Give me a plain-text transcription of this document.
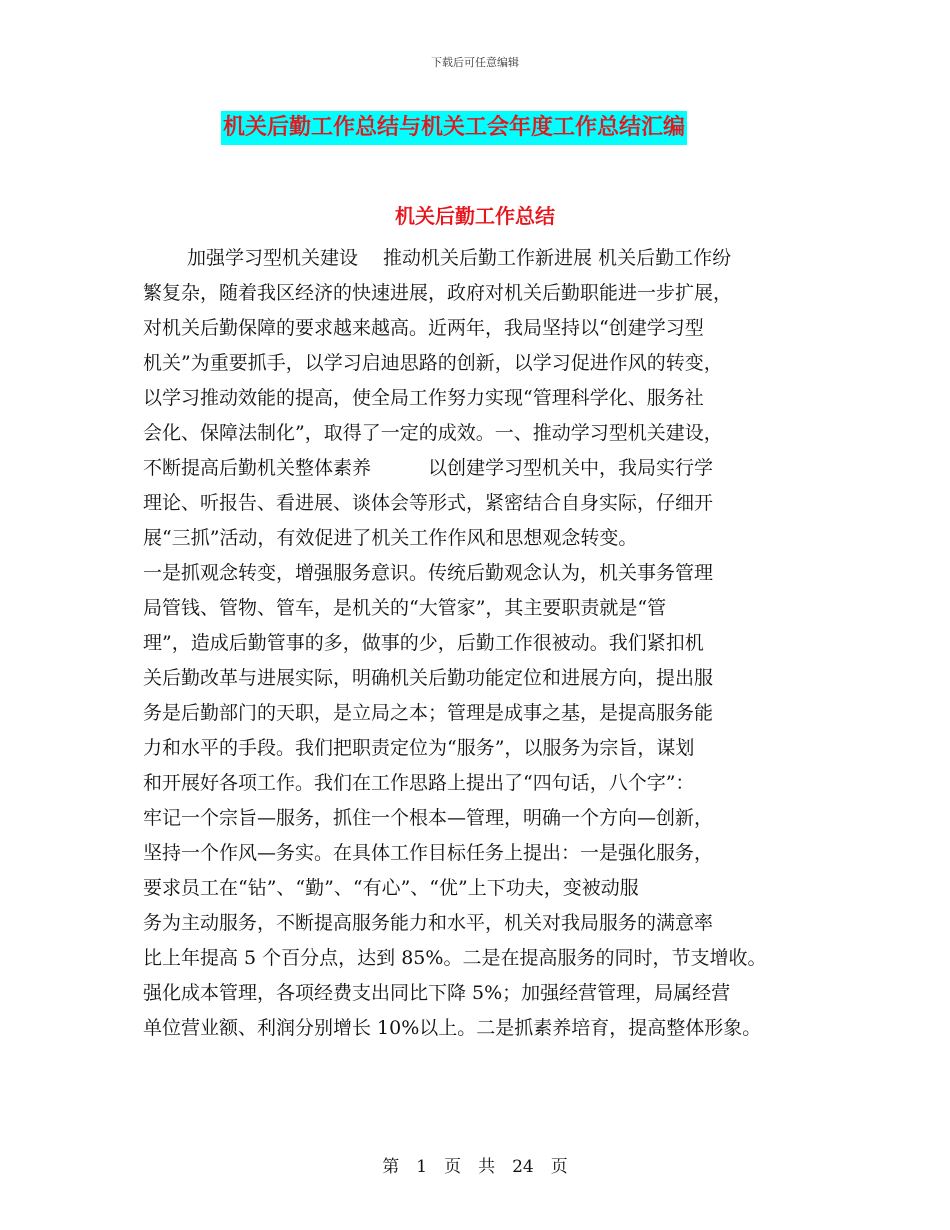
下载后可任意编辑
机关后勤工作总结与机关工会年度工作总结汇编
机关后勤工作总结
加强学习型机关建设　 推动机关后勤工作新进展 机关后勤工作纷
繁复杂，随着我区经济的快速进展，政府对机关后勤职能进一步扩展，
对机关后勤保障的要求越来越高。近两年，我局坚持以“创建学习型
机关”为重要抓手，以学习启迪思路的创新，以学习促进作风的转变，
以学习推动效能的提高，使全局工作努力实现“管理科学化、服务社
会化、保障法制化”，取得了一定的成效。一、推动学习型机关建设，
不断提高后勤机关整体素养　　　以创建学习型机关中，我局实行学
理论、听报告、看进展、谈体会等形式，紧密结合自身实际，仔细开
展“三抓”活动，有效促进了机关工作作风和思想观念转变。
一是抓观念转变，增强服务意识。传统后勤观念认为，机关事务管理
局管钱、管物、管车，是机关的“大管家”，其主要职责就是“管
理”，造成后勤管事的多，做事的少，后勤工作很被动。我们紧扣机
关后勤改革与进展实际，明确机关后勤功能定位和进展方向，提出服
务是后勤部门的天职，是立局之本；管理是成事之基，是提高服务能
力和水平的手段。我们把职责定位为“服务”，以服务为宗旨，谋划
和开展好各项工作。我们在工作思路上提出了“四句话，八个字”：
牢记一个宗旨—服务，抓住一个根本—管理，明确一个方向—创新，
坚持一个作风—务实。在具体工作目标任务上提出：一是强化服务，
要求员工在“钻”、“勤”、“有心”、“优”上下功夫，变被动服
务为主动服务，不断提高服务能力和水平，机关对我局服务的满意率
比上年提高 5 个百分点，达到 85%。二是在提高服务的同时，节支增收。
强化成本管理，各项经费支出同比下降 5%；加强经营管理，局属经营
单位营业额、利润分别增长 10%以上。二是抓素养培育，提高整体形象。
第　1　页　共　24　页
